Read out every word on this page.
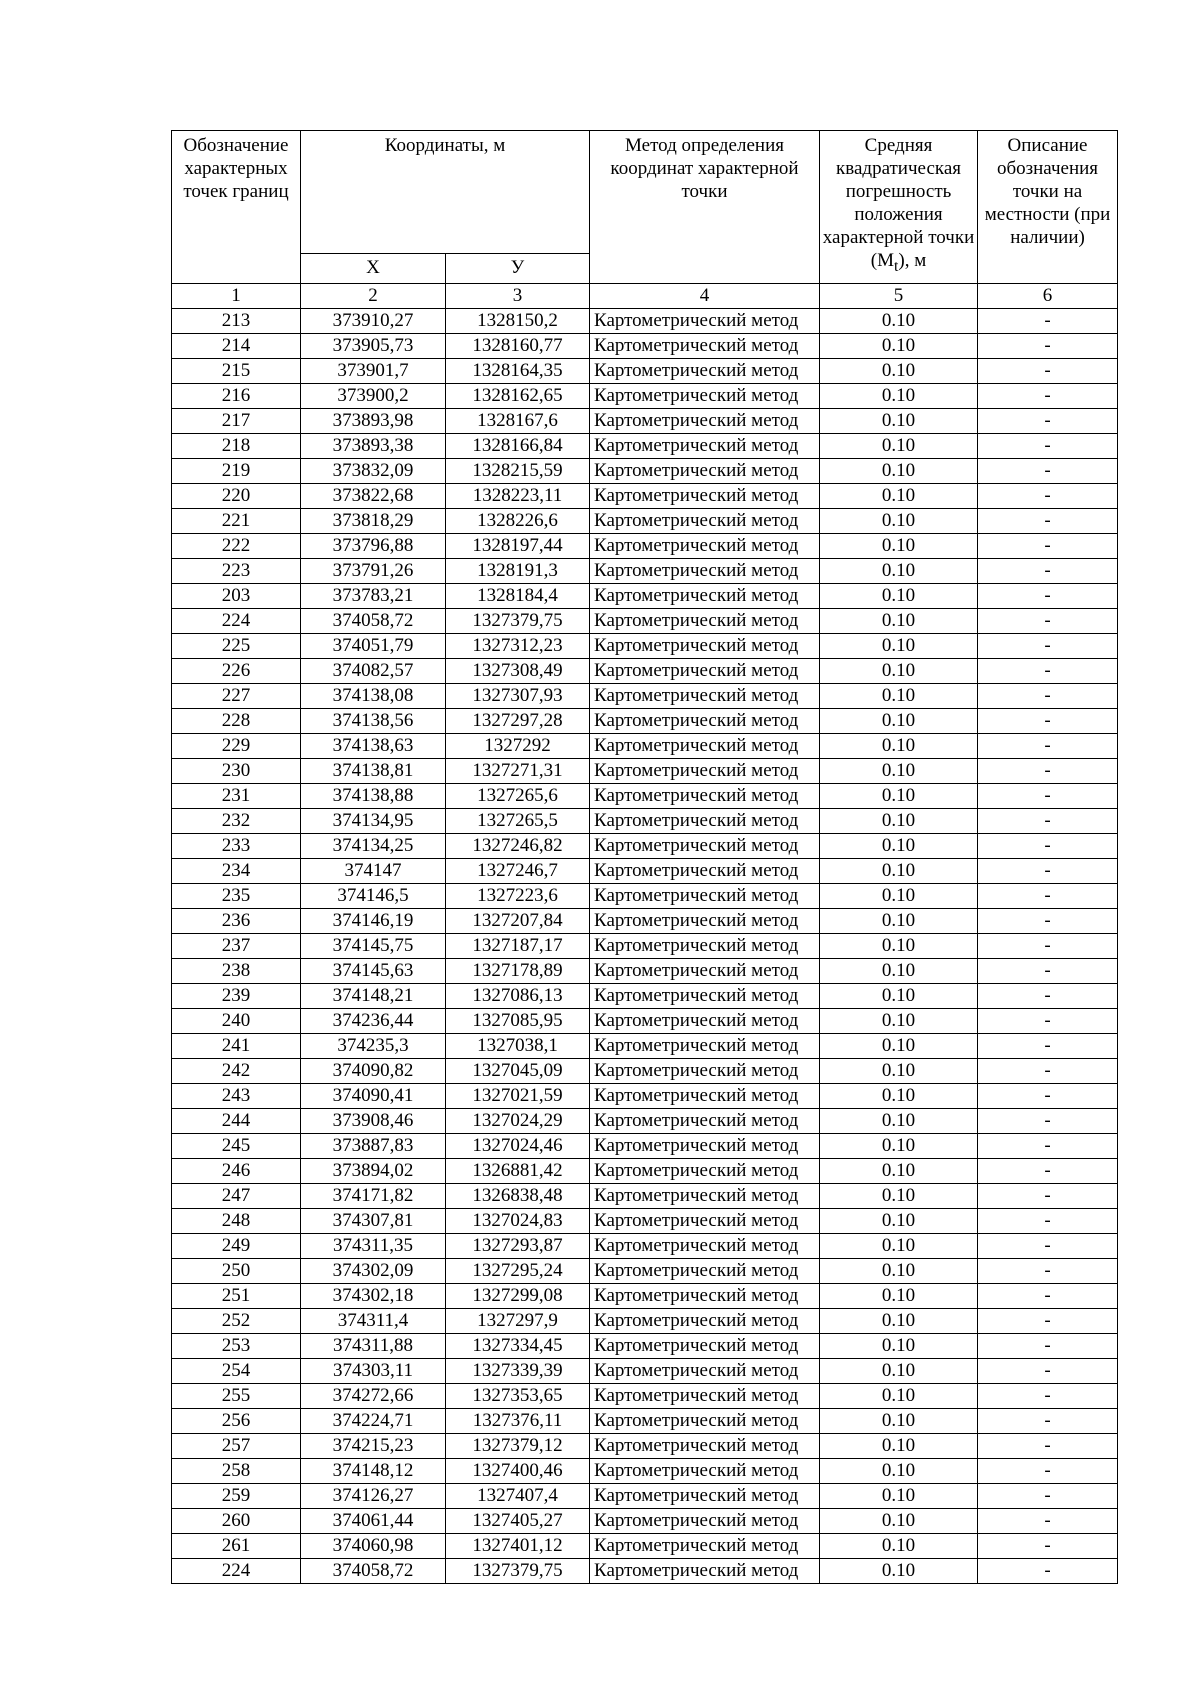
Обозначение характерных точек границ	Координаты, м		Метод определения координат характерной точки	Средняя квадратическая погрешность положения характерной точки $(M_t)$, м	Описание обозначения точки на местности (при наличии)
	Х	У			
1	2	3	4	5	6
213	373910,27	1328150,2	Картометрический метод	0.10	-
214	373905,73	1328160,77	Картометрический метод	0.10	-
215	373901,7	1328164,35	Картометрический метод	0.10	-
216	373900,2	1328162,65	Картометрический метод	0.10	-
217	373893,98	1328167,6	Картометрический метод	0.10	-
218	373893,38	1328166,84	Картометрический метод	0.10	-
219	373832,09	1328215,59	Картометрический метод	0.10	-
220	373822,68	1328223,11	Картометрический метод	0.10	-
221	373818,29	1328226,6	Картометрический метод	0.10	-
222	373796,88	1328197,44	Картометрический метод	0.10	-
223	373791,26	1328191,3	Картометрический метод	0.10	-
203	373783,21	1328184,4	Картометрический метод	0.10	-
224	374058,72	1327379,75	Картометрический метод	0.10	-
225	374051,79	1327312,23	Картометрический метод	0.10	-
226	374082,57	1327308,49	Картометрический метод	0.10	-
227	374138,08	1327307,93	Картометрический метод	0.10	-
228	374138,56	1327297,28	Картометрический метод	0.10	-
229	374138,63	1327292	Картометрический метод	0.10	-
230	374138,81	1327271,31	Картометрический метод	0.10	-
231	374138,88	1327265,6	Картометрический метод	0.10	-
232	374134,95	1327265,5	Картометрический метод	0.10	-
233	374134,25	1327246,82	Картометрический метод	0.10	-
234	374147	1327246,7	Картометрический метод	0.10	-
235	374146,5	1327223,6	Картометрический метод	0.10	-
236	374146,19	1327207,84	Картометрический метод	0.10	-
237	374145,75	1327187,17	Картометрический метод	0.10	-
238	374145,63	1327178,89	Картометрический метод	0.10	-
239	374148,21	1327086,13	Картометрический метод	0.10	-
240	374236,44	1327085,95	Картометрический метод	0.10	-
241	374235,3	1327038,1	Картометрический метод	0.10	-
242	374090,82	1327045,09	Картометрический метод	0.10	-
243	374090,41	1327021,59	Картометрический метод	0.10	-
244	373908,46	1327024,29	Картометрический метод	0.10	-
245	373887,83	1327024,46	Картометрический метод	0.10	-
246	373894,02	1326881,42	Картометрический метод	0.10	-
247	374171,82	1326838,48	Картометрический метод	0.10	-
248	374307,81	1327024,83	Картометрический метод	0.10	-
249	374311,35	1327293,87	Картометрический метод	0.10	-
250	374302,09	1327295,24	Картометрический метод	0.10	-
251	374302,18	1327299,08	Картометрический метод	0.10	-
252	374311,4	1327297,9	Картометрический метод	0.10	-
253	374311,88	1327334,45	Картометрический метод	0.10	-
254	374303,11	1327339,39	Картометрический метод	0.10	-
255	374272,66	1327353,65	Картометрический метод	0.10	-
256	374224,71	1327376,11	Картометрический метод	0.10	-
257	374215,23	1327379,12	Картометрический метод	0.10	-
258	374148,12	1327400,46	Картометрический метод	0.10	-
259	374126,27	1327407,4	Картометрический метод	0.10	-
260	374061,44	1327405,27	Картометрический метод	0.10	-
261	374060,98	1327401,12	Картометрический метод	0.10	-
224	374058,72	1327379,75	Картометрический метод	0.10	-
